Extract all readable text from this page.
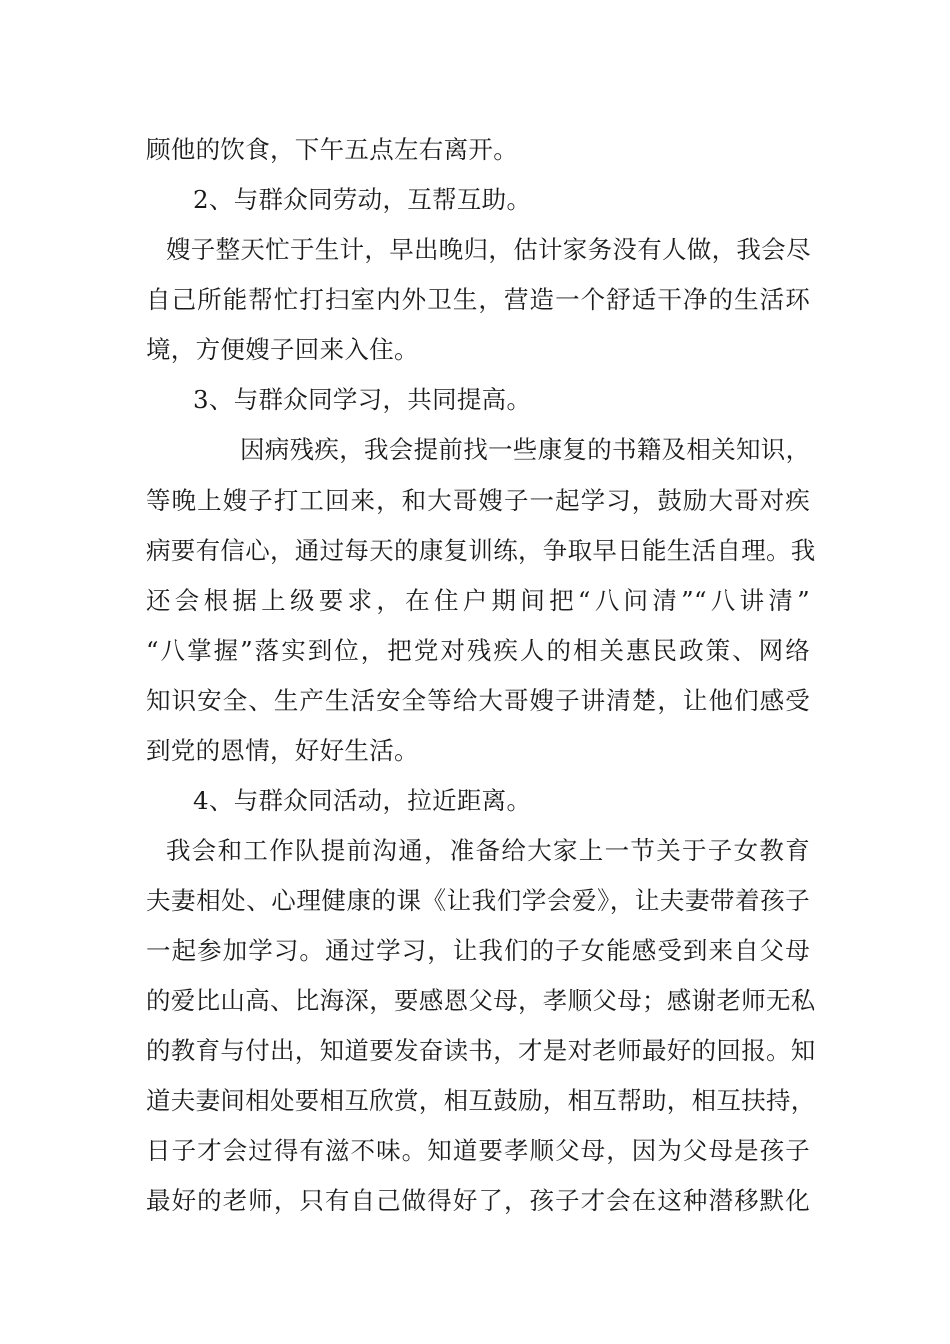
顾他的饮食，下午五点左右离开。
2、与群众同劳动，互帮互助。
嫂子整天忙于生计，早出晚归，估计家务没有人做，我会尽
自己所能帮忙打扫室内外卫生，营造一个舒适干净的生活环
境，方便嫂子回来入住。
3、与群众同学习，共同提高。
因病残疾，我会提前找一些康复的书籍及相关知识，
等晚上嫂子打工回来，和大哥嫂子一起学习，鼓励大哥对疾
病要有信心，通过每天的康复训练，争取早日能生活自理。我
还会根据上级要求，在住户期间把“八问清”“八讲清”
“八掌握”落实到位，把党对残疾人的相关惠民政策、网络
知识安全、生产生活安全等给大哥嫂子讲清楚，让他们感受
到党的恩情，好好生活。
4、与群众同活动，拉近距离。
我会和工作队提前沟通，准备给大家上一节关于子女教育
夫妻相处、心理健康的课《让我们学会爱》，让夫妻带着孩子
一起参加学习。通过学习，让我们的子女能感受到来自父母
的爱比山高、比海深，要感恩父母，孝顺父母；感谢老师无私
的教育与付出，知道要发奋读书，才是对老师最好的回报。知
道夫妻间相处要相互欣赏，相互鼓励，相互帮助，相互扶持，
日子才会过得有滋不味。知道要孝顺父母，因为父母是孩子
最好的老师，只有自己做得好了，孩子才会在这种潜移默化
